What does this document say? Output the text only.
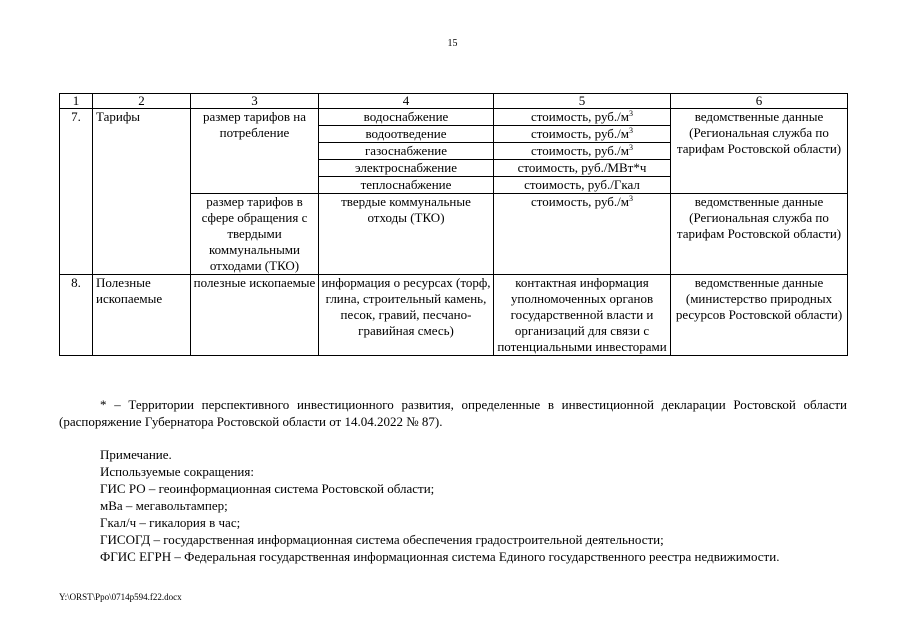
15
1	2	3	4	5	6
7.	Тарифы	размер тарифов на потребление	водоснабжение	стоимость, $руб./м^3$	ведомственные данные (Региональная служба по тарифам Ростовской области)
			водоотведение	стоимость, $руб./м^3$
			газоснабжение	стоимость, $руб./м^3$
			электроснабжение	стоимость, руб./МВт*ч	
			теплоснабжение	стоимость, руб./Гкал	
		размер тарифов в сфере обращения с твердыми коммунальными отходами (ТКО)	твердые коммунальные отходы (ТКО)	стоимость, $руб./м^3$	ведомственные данные (Региональная служба по тарифам Ростовской области)
8.	Полезные ископаемые	полезные ископаемые	информация о ресурсах (торф, глина, строительный камень, песок, гравий, песчано-гравийная смесь)	контактная информация уполномоченных органов государственной власти и организаций для связи с потенциальными инвесторами	ведомственные данные (министерство природных ресурсов Ростовской области)
* – Территории перспективного инвестиционного развития, определенные в инвестиционной декларации Ростовской области (распоряжение Губернатора Ростовской области от 14.04.2022 № 87).

Примечание.

Используемые сокращения:

ГИС РО – геоинформационная система Ростовской области;

мВа – мегавольтампер;

Гкал/ч – гикалория в час;

ГИСОГД – государственная информационная система обеспечения градостроительной деятельности;

ФГИС ЕГРН – Федеральная государственная информационная система Единого государственного реестра недвижимости.

Y:\ORST\Ppo\0714p594.f22.docx
